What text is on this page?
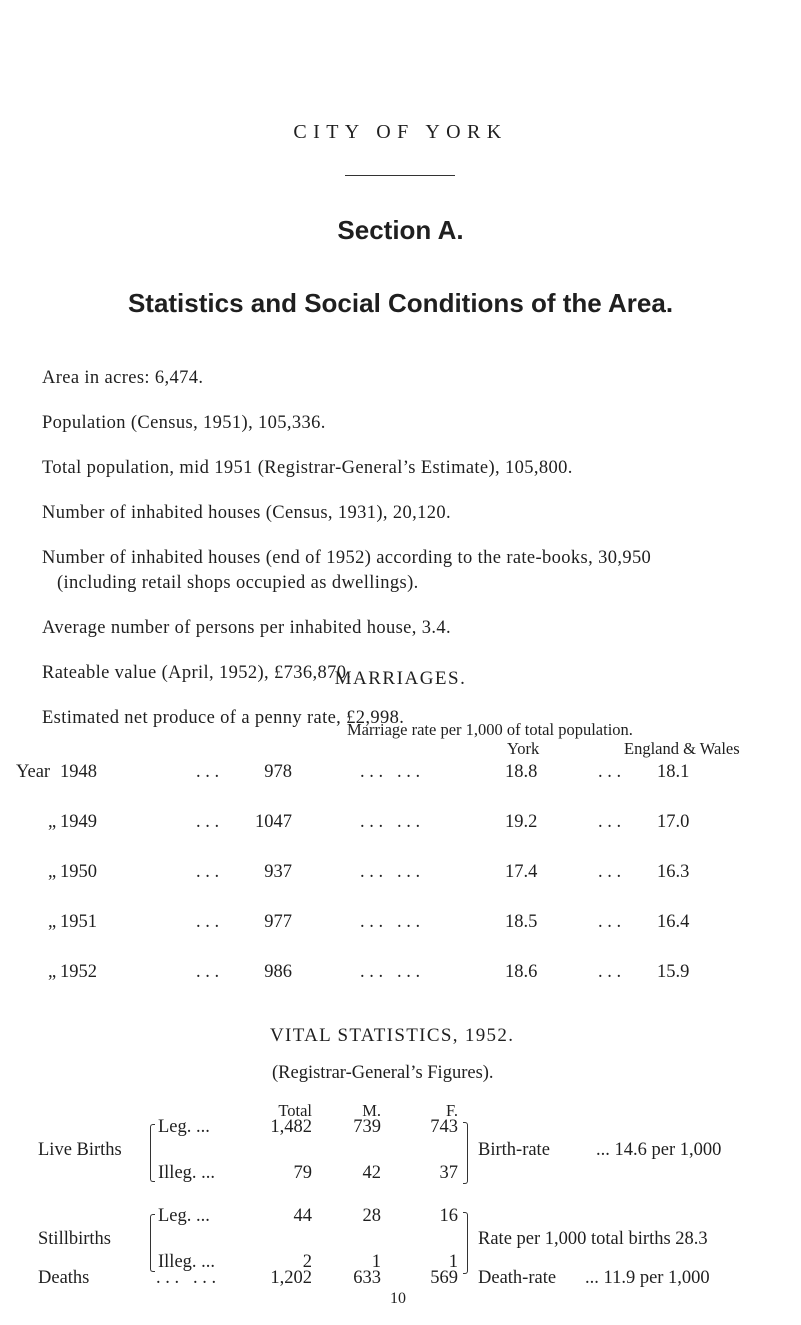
CITY OF YORK
Section A.
Statistics and Social Conditions of the Area.
Area in acres: 6,474.
Population (Census, 1951), 105,336.
Total population, mid 1951 (Registrar-General’s Estimate), 105,800.
Number of inhabited houses (Census, 1931), 20,120.
Number of inhabited houses (end of 1952) according to the rate-books, 30,950
(including retail shops occupied as dwellings).
Average number of persons per inhabited house, 3.4.
Rateable value (April, 1952), £736,870.
Estimated net produce of a penny rate, £2,998.
MARRIAGES.
Marriage rate per 1,000 of total population.
York	England & Wales
Year 1948	...	978	... ...	18.8	... 18.1
„ 1949	...	1047	... ...	19.2	... 17.0
„ 1950	...	937	... ...	17.4	... 16.3
„ 1951	...	977	... ...	18.5	... 16.4
„ 1952	...	986	... ...	18.6	... 15.9
VITAL STATISTICS, 1952.
(Registrar-General’s Figures).
Total	M.	F.
Live Births
Leg. ...	1,482	739	743
Illeg. ...	79	42	37
Birth-rate ... 14.6 per 1,000
Stillbirths
Leg. ...	44	28	16
Illeg. ...	2	1	1
Rate per 1,000 total births 28.3
Deaths	... ...	1,202	633	569 Death-rate ... 11.9 per 1,000
10
